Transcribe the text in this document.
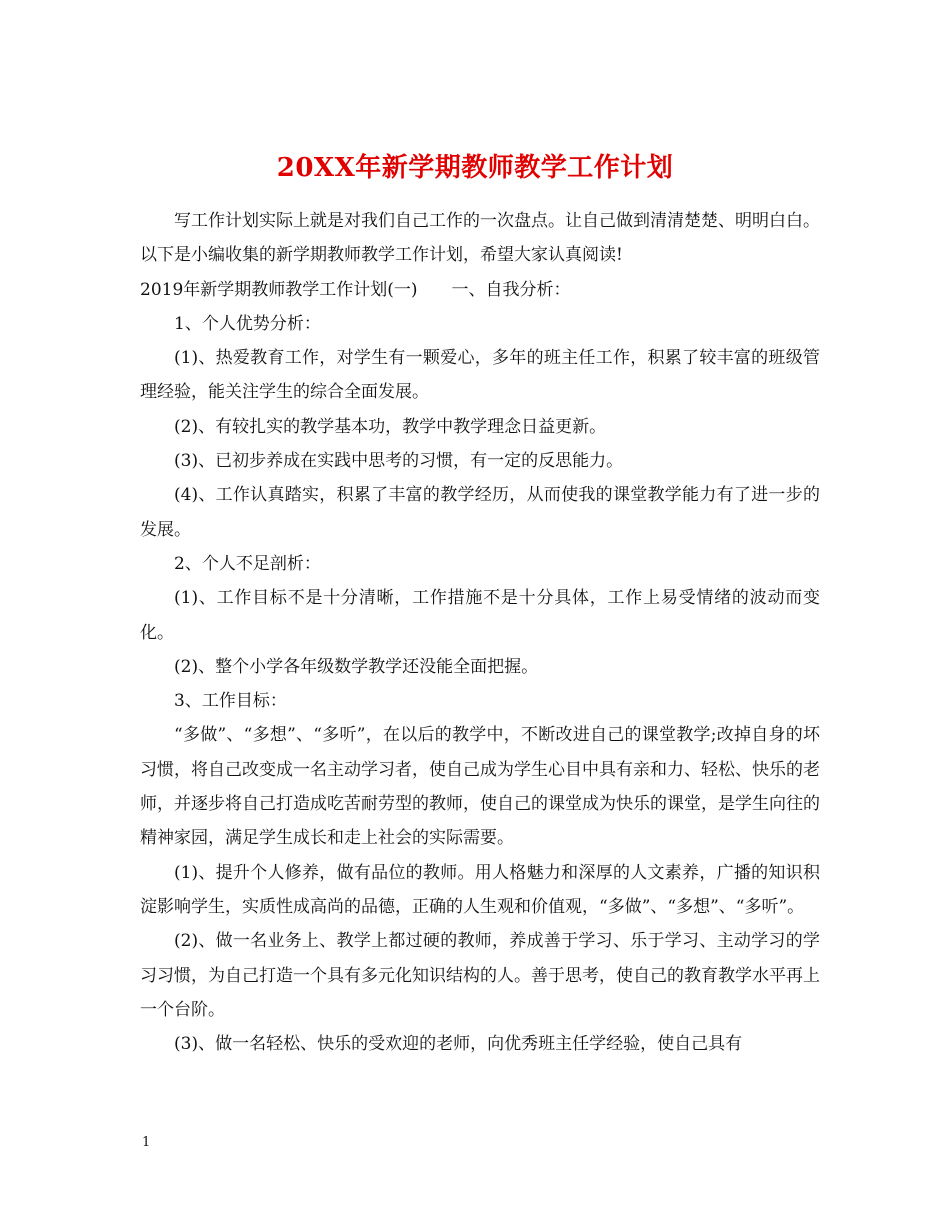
20XX年新学期教师教学工作计划

写工作计划实际上就是对我们自己工作的一次盘点。让自己做到清清楚楚、明明白白。以下是小编收集的新学期教师教学工作计划，希望大家认真阅读!

2019年新学期教师教学工作计划(一)　　一、自我分析：

1、个人优势分析：

(1)、热爱教育工作，对学生有一颗爱心，多年的班主任工作，积累了较丰富的班级管理经验，能关注学生的综合全面发展。

(2)、有较扎实的教学基本功，教学中教学理念日益更新。

(3)、已初步养成在实践中思考的习惯，有一定的反思能力。

(4)、工作认真踏实，积累了丰富的教学经历，从而使我的课堂教学能力有了进一步的发展。

2、个人不足剖析：

(1)、工作目标不是十分清晰，工作措施不是十分具体，工作上易受情绪的波动而变化。

(2)、整个小学各年级数学教学还没能全面把握。

3、工作目标：

“多做”、“多想”、“多听”，在以后的教学中，不断改进自己的课堂教学;改掉自身的坏习惯，将自己改变成一名主动学习者，使自己成为学生心目中具有亲和力、轻松、快乐的老师，并逐步将自己打造成吃苦耐劳型的教师，使自己的课堂成为快乐的课堂，是学生向往的精神家园，满足学生成长和走上社会的实际需要。

(1)、提升个人修养，做有品位的教师。用人格魅力和深厚的人文素养，广播的知识积淀影响学生，实质性成高尚的品德，正确的人生观和价值观，“多做”、“多想”、“多听”。

(2)、做一名业务上、教学上都过硬的教师，养成善于学习、乐于学习、主动学习的学习习惯，为自己打造一个具有多元化知识结构的人。善于思考，使自己的教育教学水平再上一个台阶。

(3)、做一名轻松、快乐的受欢迎的老师，向优秀班主任学经验，使自己具有

1
